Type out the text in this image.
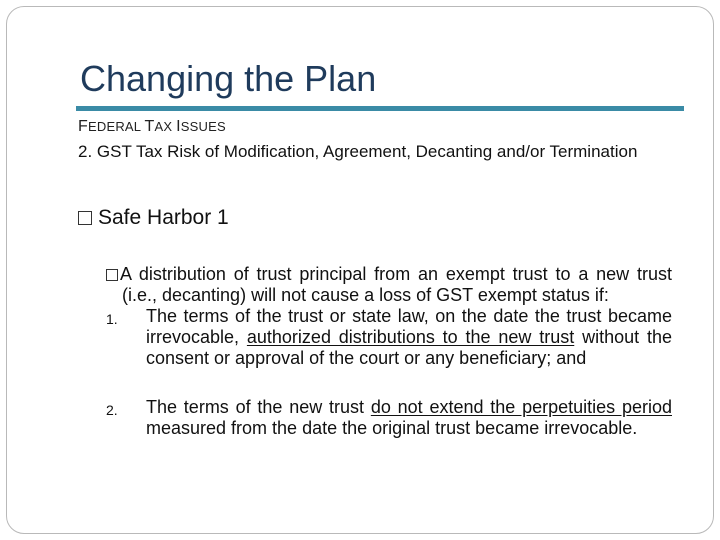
Changing the Plan
FEDERAL TAX ISSUES
2. GST Tax Risk of Modification, Agreement, Decanting and/or Termination
Safe Harbor 1
A distribution of trust principal from an exempt trust to a new trust (i.e., decanting) will not cause a loss of GST exempt status if:
1.	The terms of the trust or state law, on the date the trust became irrevocable, authorized distributions to the new trust without the consent or approval of the court or any beneficiary; and
2.	The terms of the new trust do not extend the perpetuities period measured from the date the original trust became irrevocable.
